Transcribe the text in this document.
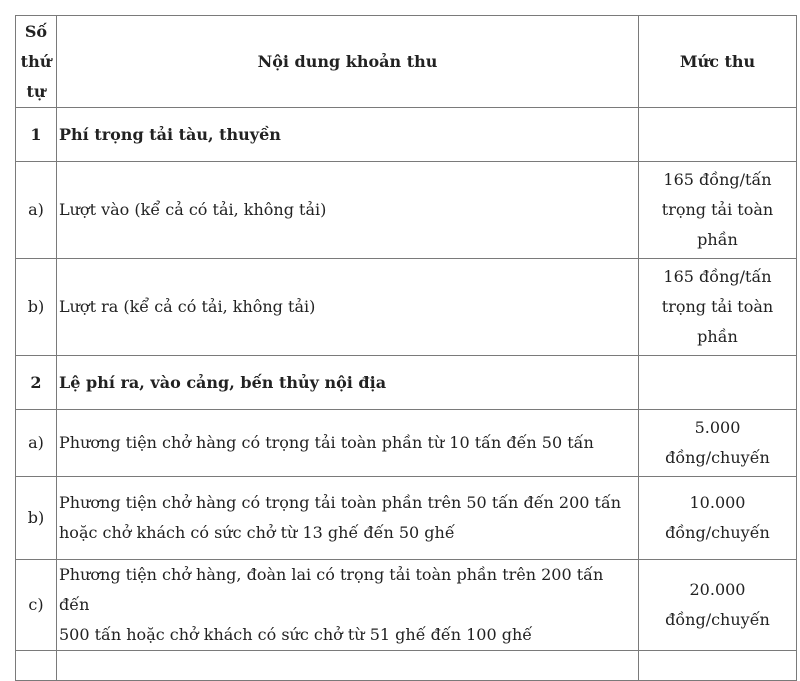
Số
thứ
tự	Nội dung khoản thu	Mức thu
1	Phí trọng tải tàu, thuyền	

a)	Lượt vào (kể cả có tải, không tải)	165 đồng/tấn
trọng tải toàn
phần

b)	Lượt ra (kể cả có tải, không tải)	165 đồng/tấn
trọng tải toàn
phần

2	Lệ phí ra, vào cảng, bến thủy nội địa	

a)	Phương tiện chở hàng có trọng tải toàn phần từ 10 tấn đến 50 tấn	5.000
đồng/chuyến

b)	Phương tiện chở hàng có trọng tải toàn phần trên 50 tấn đến 200 tấn
hoặc chở khách có sức chở từ 13 ghế đến 50 ghế	10.000
đồng/chuyến

c)	Phương tiện chở hàng, đoàn lai có trọng tải toàn phần trên 200 tấn đến
500 tấn hoặc chở khách có sức chở từ 51 ghế đến 100 ghế	20.000
đồng/chuyến
